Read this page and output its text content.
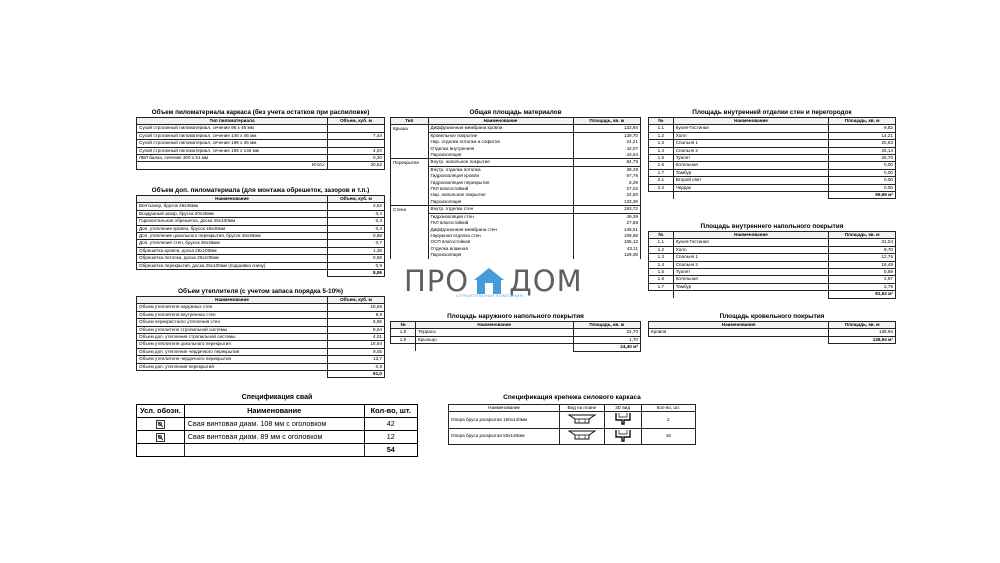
Объем пиломатериала каркаса (без учета остатков при распиловке)
Тип пиломатериала	Объем, куб. м
Сухой строганный пиломатериал, сечение 96 x 46 мм	
Сухой строганный пиломатериал, сечение 146 x 46 мм	7,44
Сухой строганный пиломатериал, сечение 196 x 46 мм	
Сухой строганный пиломатериал, сечение 196 x 146 мм	4,04
ЛВЛ балка, сечение 300 x 51 мм	0,20
Итого:	20,52
Объем доп. пиломатериала (для монтажа обрешеток, зазоров и т.п.)
Наименование	Объем, куб. м
Вентзазор, брусок 46х46мм	2,52
Воздушный зазор, брусок 20х40мм	0,4
Горизонтальная обрешетка, доска 25х100мм	0,3
Доп. утепление кровли, брусок 46х46мм	0,4
Доп. утепление цокольного перекрытия, брусок 46х46мм	0,88
Доп. утепление стен, брусок 46х46мм	0,7
Обрешетка кровли, доска 25х100мм	1,38
Обрешетка потолка, доска 25х100мм	0,58
Обрешетка перекрытия, доска 25х100мм (подшивка снизу)	0,9
	8,06
Объем утеплителя (с учетом запаса порядка 5-10%)
Наименование	Объем, куб. м
Объем утеплителя наружных стен	15,68
Объем утеплителя внутренних стен	8,9
Объем перекрестного утепления стен	6,96
Объем утеплителя стропильной системы	8,64
Объем доп. утепления стропильной системы	4,01
Объем утеплителя цокольного перекрытия	16,94
Объем доп. утепления чердачного перекрытия	9,05
Объем утеплителя чердачного перекрытия	13,7
Объем доп. утепления перекрытий	0,9
	81,0
Общая площадь материалов
Тип	Наименование	Площадь, кв. м
Крыша	Диффузионная мембрана кровли	132,94
	Кровельное покрытие	139,70
	Нар. отделка потолка и софитов	24,21
	Отделка внутренняя	42,07
	Пароизоляция	43,54
Перекрытие	Внутр. напольное покрытие	84,75
	Внутр. отделка потолка	39,49
	Гидроизоляция кровли	97,76
	Гидроизоляция перекрытия	6,29
	ГКЛ влагостойкий	27,02
	Нар. напольное покрытие	24,50
	Пароизоляция	133,39
Стена	Внутр. отделка стен	193,72
	Гидроизоляция стен	49,39
	ГКЛ влагостойкий	27,88
	Диффузионная мембрана стен	148,51
	Наружная отделка стен	109,69
	ОСП влагостойкая	155,13
	Отделка влажная	43,11
	Пароизоляция	129,08
Площадь наружного напольного покрытия
№	Наименование	Площадь, кв. м
1.8	Терраса	22,70
1.9	Крыльцо	1,70
		24,40 м²
Площадь внутренней отделки стен и перегородок
№	Наименование	Площадь, кв. м
1.1	Кухня-Гостиная	9,82
1.2	Холл	14,21
1.3	Спальня 1	20,83
1.4	Спальня 2	25,14
1.5	Туалет	26,70
1.6	Котельная	0,00
1.7	Тамбур	0,00
2.1	Второй свет	0,00
2.2	Чердак	0,00
		96,69 м²
Площадь внутреннего напольного покрытия
№	Наименование	Площадь, кв. м
1.1	Кухня-Гостиная	31,04
1.2	Холл	9,70
1.3	Спальня 1	12,76
1.4	Спальня 2	16,48
1.5	Туалет	5,88
1.6	Котельная	2,97
1.7	Тамбур	2,79
		81,62 м²
Площадь кровельного покрытия
Наименование	Площадь, кв. м
Кровля	138,94
	138,94 м²
Спецификация свай
Усл. обозн.	Наименование	Кол-во, шт.
	Свая винтовая диам. 108 мм с оголовком	42
	Свая винтовая диам. 89 мм с оголовком	12
		54
Спецификация крепежа силового каркаса
Наименование	Вид на плане	3D вид	Кол-во, шт.
Опора бруса раскрытая 150x140мм			2
Опора бруса раскрытая 50x140мм			18
ПРО ДОМ
СТРОИТЕЛЬНАЯ КОМПАНИЯ
